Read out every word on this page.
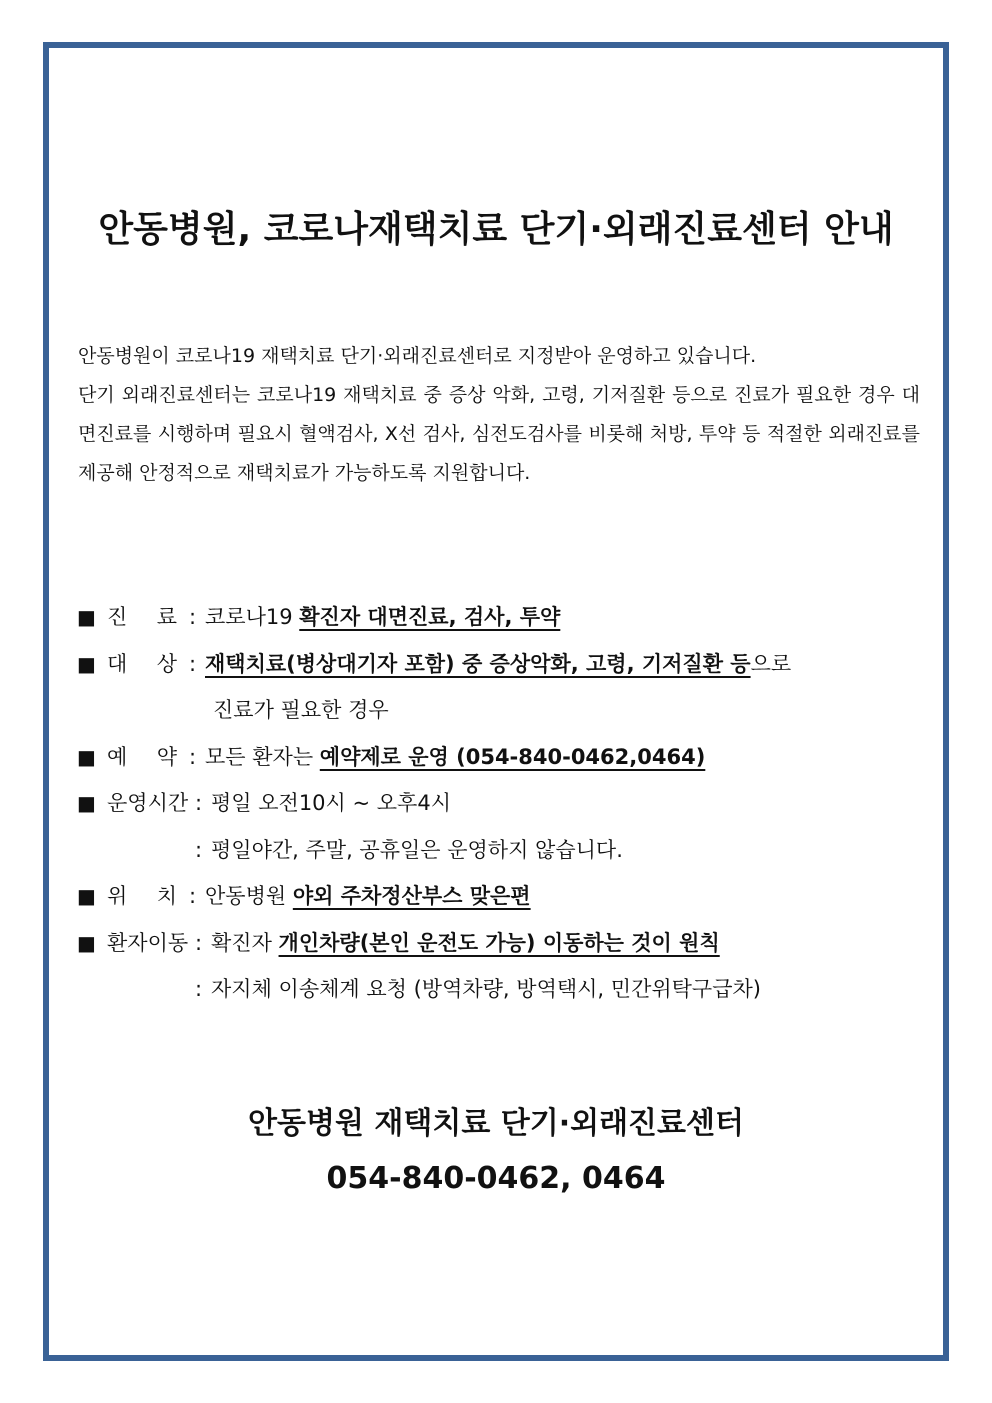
안동병원, 코로나재택치료 단기·외래진료센터 안내

안동병원이 코로나19 재택치료 단기·외래진료센터로 지정받아 운영하고 있습니다.

단기 외래진료센터는 코로나19 재택치료 중 증상 악화, 고령, 기저질환 등으로 진료가 필요한 경우 대면진료를 시행하며 필요시 혈액검사, X선 검사, 심전도검사를 비롯해 처방, 투약 등 적절한 외래진료를 제공해 안정적으로 재택치료가 가능하도록 지원합니다.

■ 진 료 : 코로나19 확진자 대면진료, 검사, 투약
■ 대 상 : 재택치료(병상대기자 포함) 중 증상악화, 고령, 기저질환 등으로
진료가 필요한 경우
■ 예 약 : 모든 환자는 예약제로 운영 (054-840-0462,0464)
■ 운영시간 : 평일 오전10시 ~ 오후4시
: 평일야간, 주말, 공휴일은 운영하지 않습니다.
■ 위 치 : 안동병원 야외 주차정산부스 맞은편
■ 환자이동 : 확진자 개인차량(본인 운전도 가능) 이동하는 것이 원칙
: 자지체 이송체계 요청 (방역차량, 방역택시, 민간위탁구급차)
안동병원 재택치료 단기·외래진료센터
054-840-0462, 0464
